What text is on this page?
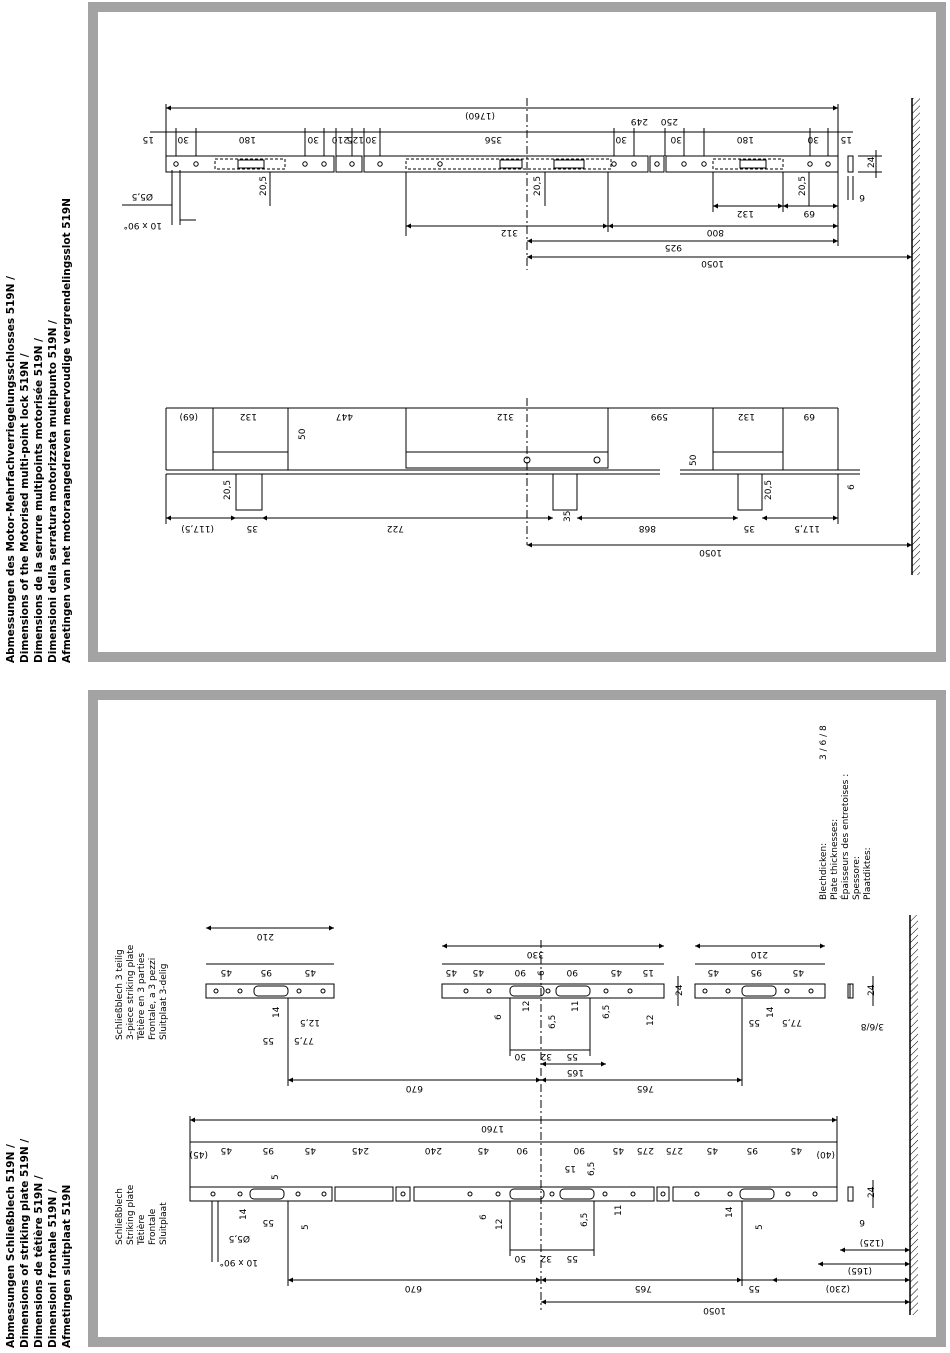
Abmessungen des Motor-Mehrfachverriegelungsschlosses 519N / Dimensions of the Motorised multi-point lock 519N / Dimensions de la serrure multipoints motorisée 519N / Dimensioni della serratura motorizzata multipunto 519N / Afmetingen van het motoraangedreven meervoudige vergrendelingsslot 519N
Abmessungen Schließblech 519N / Dimensions of striking plate 519N / Dimensions de têtière 519N / Dimensioni frontale 519N / Afmetingen sluitplaat 519N
(1760)
15	30	180	30 210
125 30	356	30
250
249
30	180	30 15
24
6
Ø5,5
10 x 90°
20,5	20,5	20,5
312	800
132	69
925
1050
(69)	132	447	312	599	132	69
50
50
6
20,5	20,5
(117,5)	35	722
35
868	35	117,5
1050
Schließblech 3 teilig 3-piece striking plate Têtière en 3 parties Frontale, a 3 pezzi Sluitplaat 3-delig
Schließblech Striking plate Têtière Frontale Sluitplaat
Blechdicken: Plate thicknesses: Épaisseurs des entretoises : Spessore: Plaatdiktes:
3 / 6 / 8
210
45	95	45
14
12,5
55 77,5
330
45 45	90 6 90	45 15
12
6,5
11 6,5
6	12
50 32 55
165
210
45	95	45
14
55 77,5
24	24
3/6/8
670	765
1760
(45) 45	95	45	245	240	45	90	90	45 275 275	45	95	45 (40)
15 6,5
5
14
55
5	12
6	6,5
11	14
5
24
6
Ø5,5
10 x 90°	50 32 55
670	765	55
(125)
(165)
(230)
1050
